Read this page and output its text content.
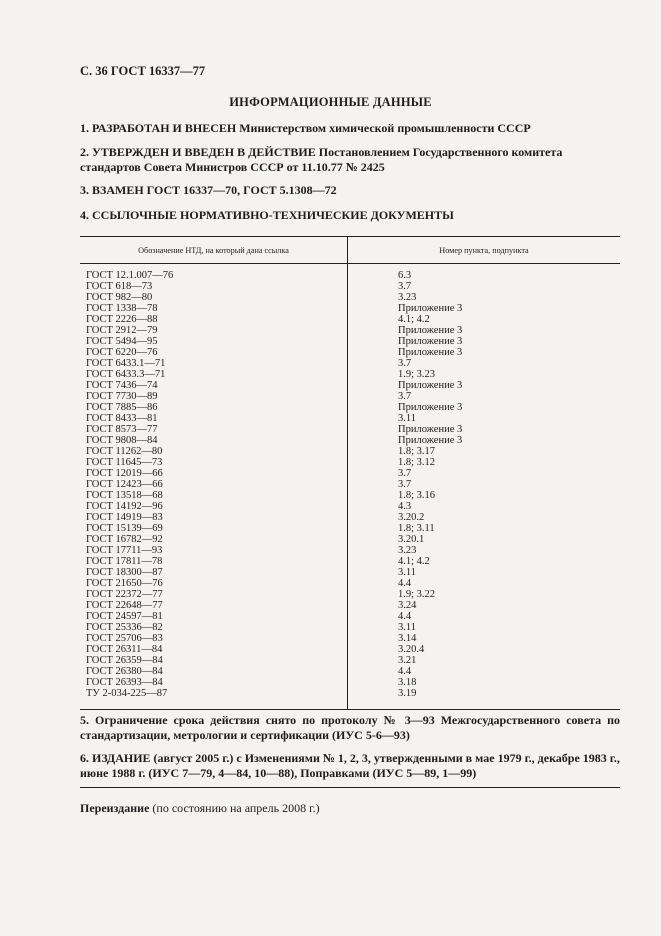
С. 36 ГОСТ 16337—77
ИНФОРМАЦИОННЫЕ ДАННЫЕ
1. РАЗРАБОТАН И ВНЕСЕН Министерством химической промышленности СССР
2. УТВЕРЖДЕН И ВВЕДЕН В ДЕЙСТВИЕ Постановлением Государственного комитета стандартов Совета Министров СССР от 11.10.77 № 2425
3. ВЗАМЕН ГОСТ 16337—70, ГОСТ 5.1308—72
4. ССЫЛОЧНЫЕ НОРМАТИВНО-ТЕХНИЧЕСКИЕ ДОКУМЕНТЫ
Обозначение НТД, на который дана ссылка	Номер пункта, подпункта
ГОСТ 12.1.007—76	6.3
ГОСТ 618—73	3.7
ГОСТ 982—80	3.23
ГОСТ 1338—78	Приложение 3
ГОСТ 2226—88	4.1; 4.2
ГОСТ 2912—79	Приложение 3
ГОСТ 5494—95	Приложение 3
ГОСТ 6220—76	Приложение 3
ГОСТ 6433.1—71	3.7
ГОСТ 6433.3—71	1.9; 3.23
ГОСТ 7436—74	Приложение 3
ГОСТ 7730—89	3.7
ГОСТ 7885—86	Приложение 3
ГОСТ 8433—81	3.11
ГОСТ 8573—77	Приложение 3
ГОСТ 9808—84	Приложение 3
ГОСТ 11262—80	1.8; 3.17
ГОСТ 11645—73	1.8; 3.12
ГОСТ 12019—66	3.7
ГОСТ 12423—66	3.7
ГОСТ 13518—68	1.8; 3.16
ГОСТ 14192—96	4.3
ГОСТ 14919—83	3.20.2
ГОСТ 15139—69	1.8; 3.11
ГОСТ 16782—92	3.20.1
ГОСТ 17711—93	3.23
ГОСТ 17811—78	4.1; 4.2
ГОСТ 18300—87	3.11
ГОСТ 21650—76	4.4
ГОСТ 22372—77	1.9; 3.22
ГОСТ 22648—77	3.24
ГОСТ 24597—81	4.4
ГОСТ 25336—82	3.11
ГОСТ 25706—83	3.14
ГОСТ 26311—84	3.20.4
ГОСТ 26359—84	3.21
ГОСТ 26380—84	4.4
ГОСТ 26393—84	3.18
ТУ 2-034-225—87	3.19
5. Ограничение срока действия снято по протоколу № 3—93 Межгосударственного совета по стандартизации, метрологии и сертификации (ИУС 5-6—93)
6. ИЗДАНИЕ (август 2005 г.) с Изменениями № 1, 2, 3, утвержденными в мае 1979 г., декабре 1983 г., июне 1988 г. (ИУС 7—79, 4—84, 10—88), Поправками (ИУС 5—89, 1—99)
Переиздание (по состоянию на апрель 2008 г.)
